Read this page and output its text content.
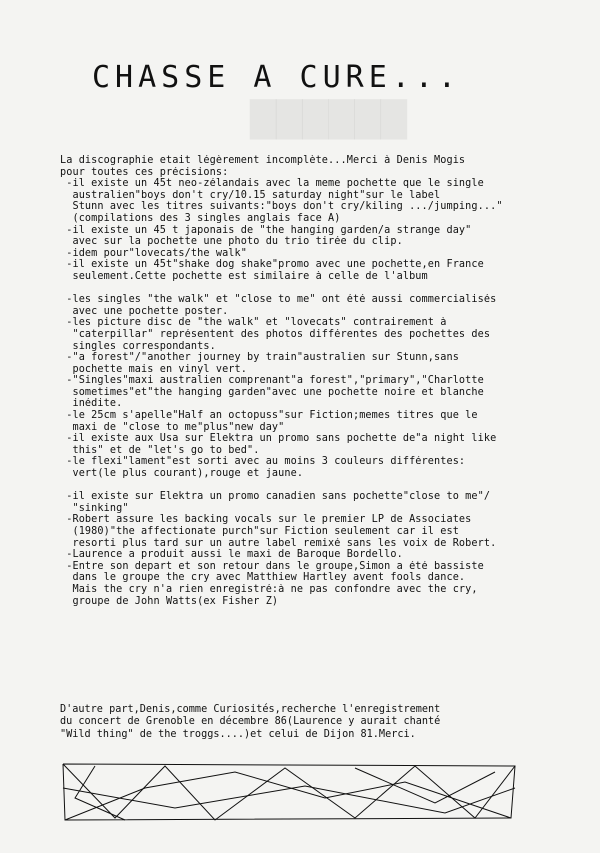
██████
CHASSE A CURE...
La discographie etait légèrement incomplète...Merci à Denis Mogis
pour toutes ces précisions:
-il existe un 45t neo-zélandais avec la meme pochette que le single
australien"boys don't cry/10.15 saturday night"sur le label
Stunn avec les titres suivants:"boys don't cry/kiling .../jumping..."
(compilations des 3 singles anglais face A)
-il existe un 45 t japonais de "the hanging garden/a strange day"
avec sur la pochette une photo du trio tirée du clip.
-idem pour"lovecats/the walk"
-il existe un 45t"shake dog shake"promo avec une pochette,en France
seulement.Cette pochette est similaire à celle de l'album
-les singles "the walk" et "close to me" ont été aussi commercialisés
avec une pochette poster.
-les picture disc de "the walk" et "lovecats" contrairement à
"caterpillar" représentent des photos différentes des pochettes des
singles correspondants.
-"a forest"/"another journey by train"australien sur Stunn,sans
pochette mais en vinyl vert.
-"Singles"maxi australien comprenant"a forest","primary","Charlotte
sometimes"et"the hanging garden"avec une pochette noire et blanche
inédite.
-le 25cm s'apelle"Half an octopuss"sur Fiction;memes titres que le
maxi de "close to me"plus"new day"
-il existe aux Usa sur Elektra un promo sans pochette de"a night like
this" et de "let's go to bed".
-le flexi"lament"est sorti avec au moins 3 couleurs différentes:
vert(le plus courant),rouge et jaune.
-il existe sur Elektra un promo canadien sans pochette"close to me"/
"sinking"
-Robert assure les backing vocals sur le premier LP de Associates
(1980)"the affectionate purch"sur Fiction seulement car il est
resorti plus tard sur un autre label remixé sans les voix de Robert.
-Laurence a produit aussi le maxi de Baroque Bordello.
-Entre son depart et son retour dans le groupe,Simon a été bassiste
dans le groupe the cry avec Matthiew Hartley avent fools dance.
Mais the cry n'a rien enregistré:à ne pas confondre avec the cry,
groupe de John Watts(ex Fisher Z)
D'autre part,Denis,comme Curiosités,recherche l'enregistrement
du concert de Grenoble en décembre 86(Laurence y aurait chanté
"Wild thing" de the troggs....)et celui de Dijon 81.Merci.
